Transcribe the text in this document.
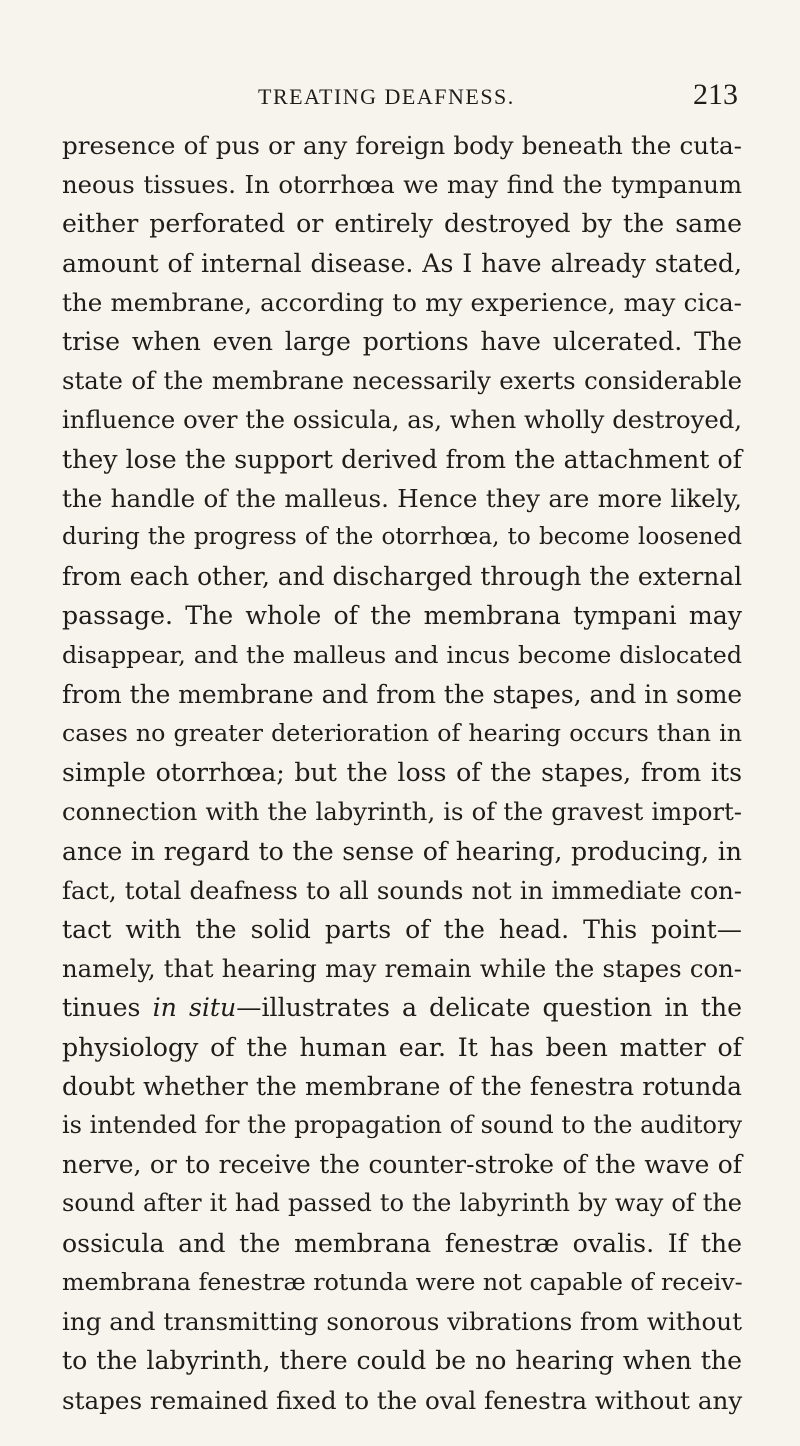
TREATING DEAFNESS.	213
presence of pus or any foreign body beneath the cuta-
neous tissues. In otorrhœa we may find the tympanum
either perforated or entirely destroyed by the same
amount of internal disease. As I have already stated,
the membrane, according to my experience, may cica-
trise when even large portions have ulcerated. The
state of the membrane necessarily exerts considerable
influence over the ossicula, as, when wholly destroyed,
they lose the support derived from the attachment of
the handle of the malleus. Hence they are more likely,
during the progress of the otorrhœa, to become loosened
from each other, and discharged through the external
passage. The whole of the membrana tympani may
disappear, and the malleus and incus become dislocated
from the membrane and from the stapes, and in some
cases no greater deterioration of hearing occurs than in
simple otorrhœa; but the loss of the stapes, from its
connection with the labyrinth, is of the gravest import-
ance in regard to the sense of hearing, producing, in
fact, total deafness to all sounds not in immediate con-
tact with the solid parts of the head. This point—
namely, that hearing may remain while the stapes con-
tinues in situ—illustrates a delicate question in the
physiology of the human ear. It has been matter of
doubt whether the membrane of the fenestra rotunda
is intended for the propagation of sound to the auditory
nerve, or to receive the counter-stroke of the wave of
sound after it had passed to the labyrinth by way of the
ossicula and the membrana fenestræ ovalis. If the
membrana fenestræ rotunda were not capable of receiv-
ing and transmitting sonorous vibrations from without
to the labyrinth, there could be no hearing when the
stapes remained fixed to the oval fenestra without any
